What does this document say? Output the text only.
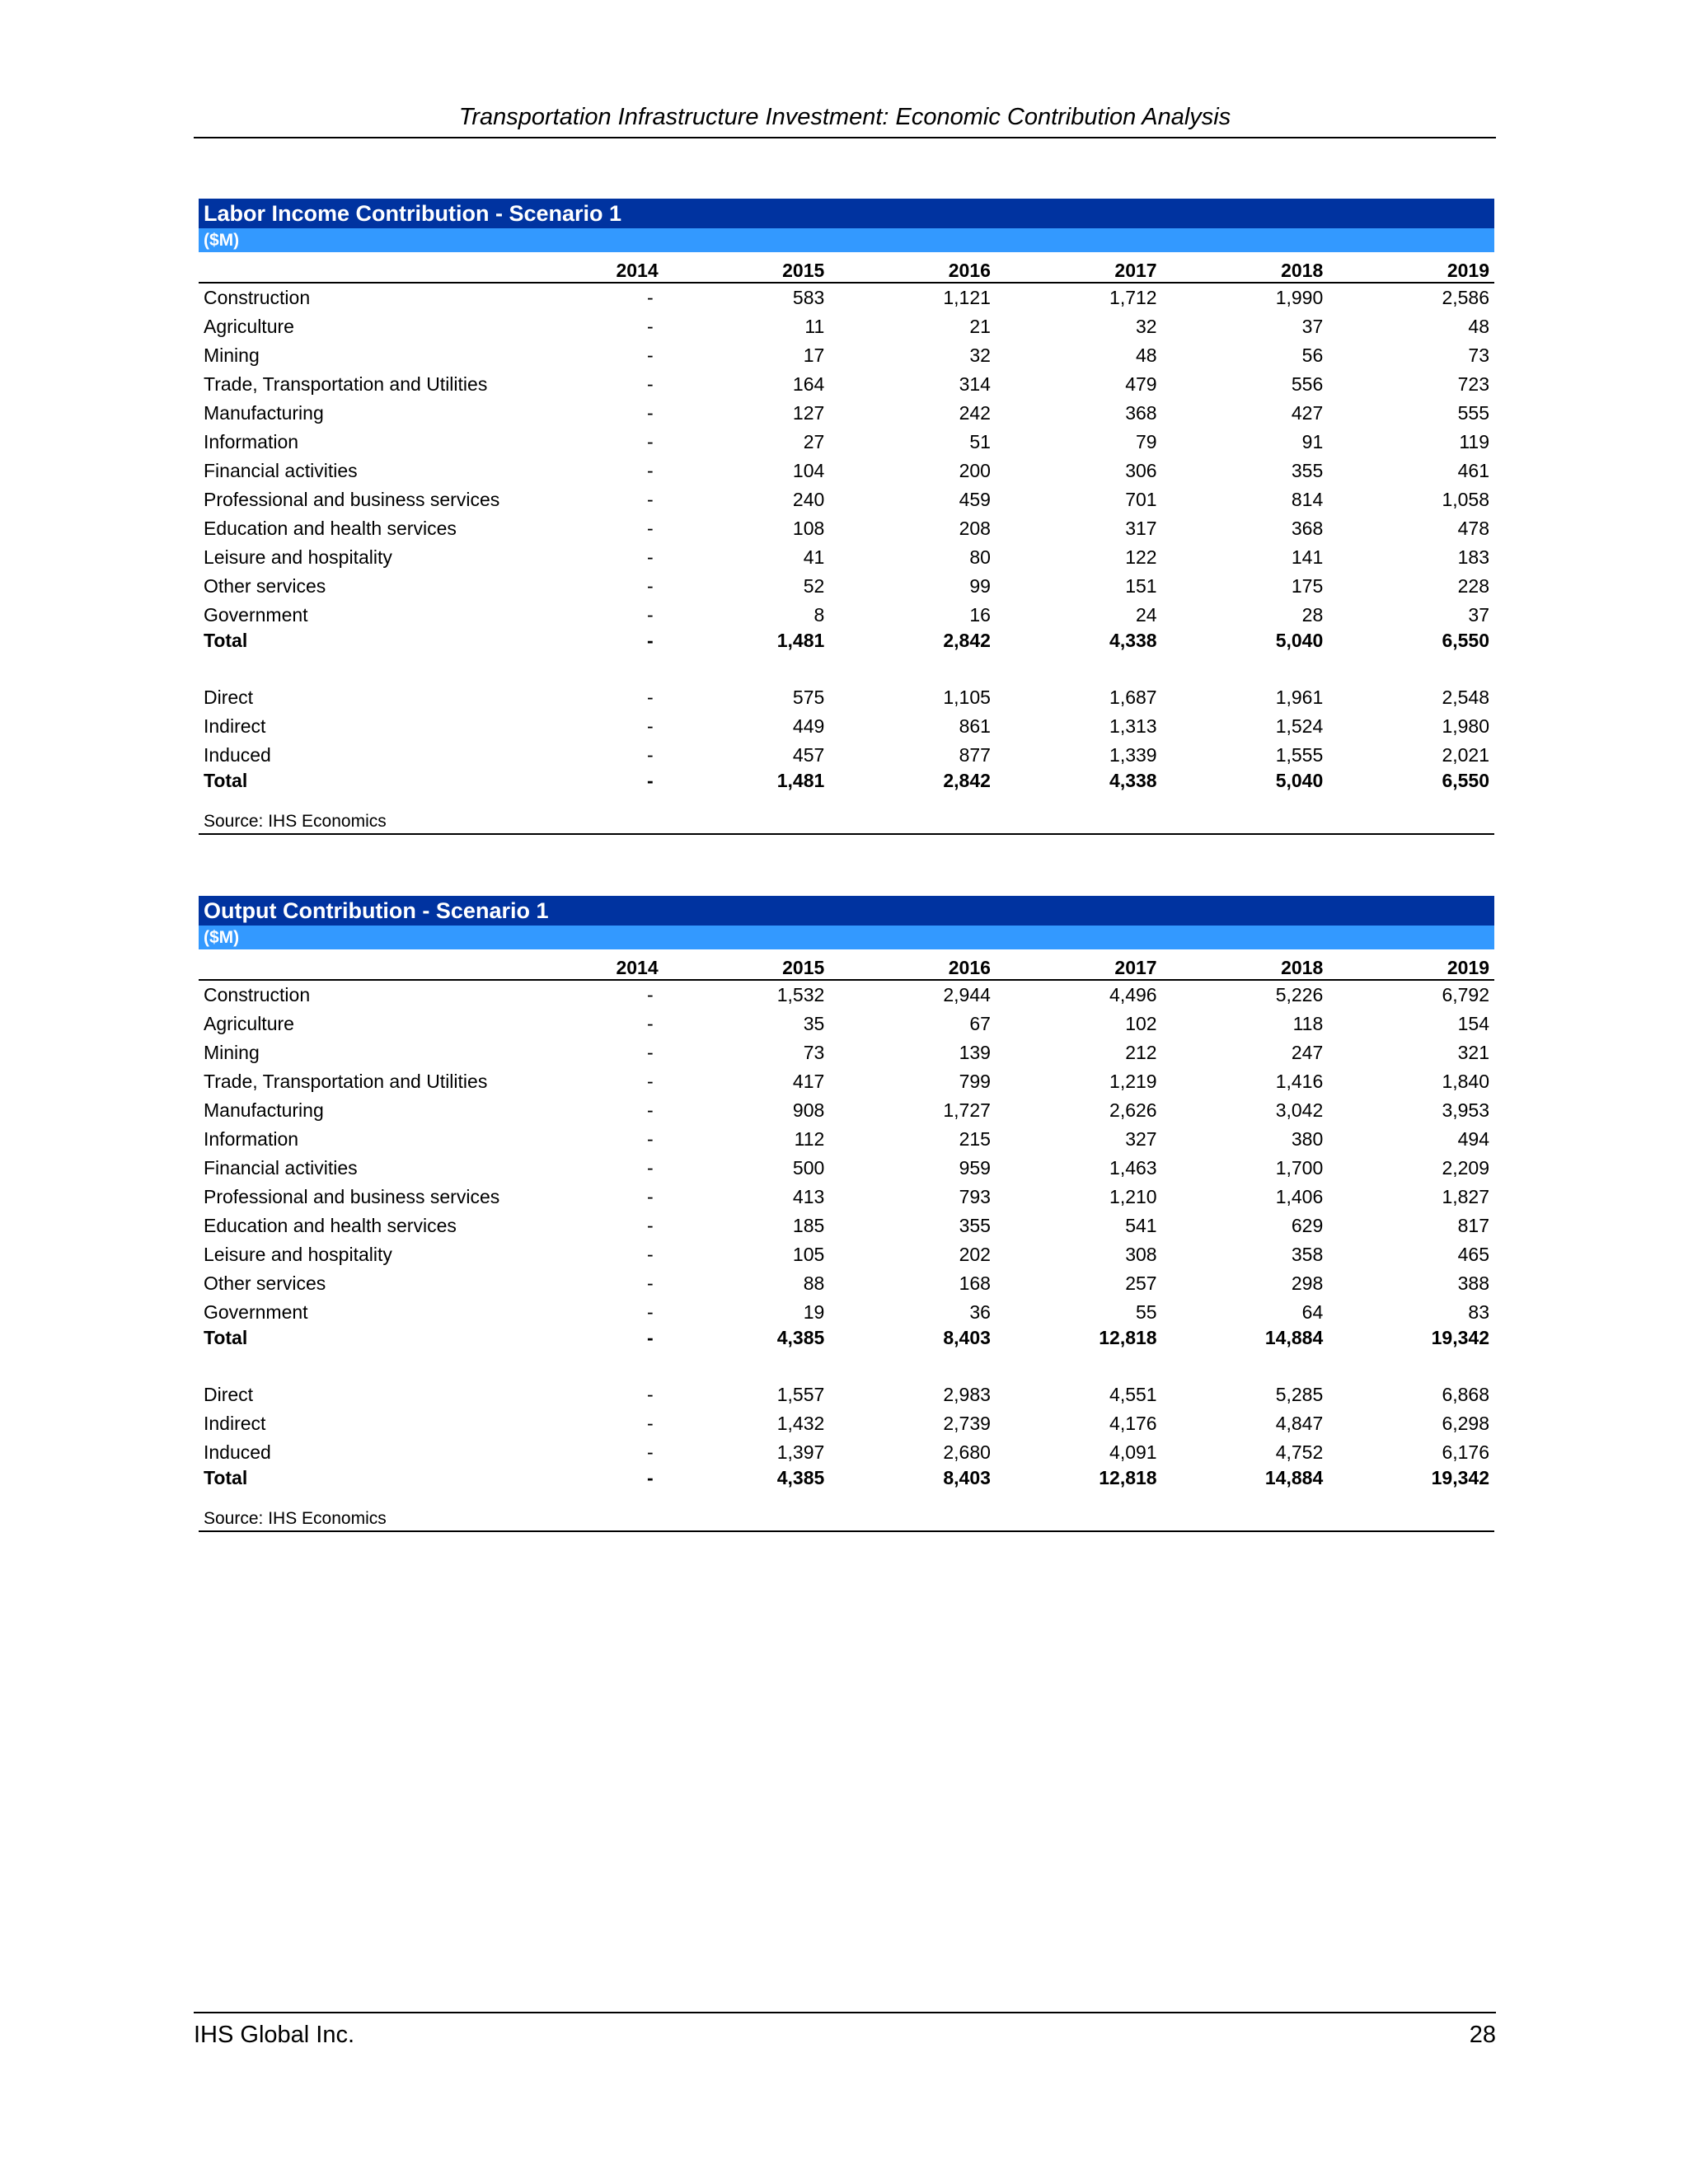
Transportation Infrastructure Investment: Economic Contribution Analysis
Labor Income Contribution - Scenario 1
($M)
	2014	2015	2016	2017	2018	2019
Construction	-	583	1,121	1,712	1,990	2,586
Agriculture	-	11	21	32	37	48
Mining	-	17	32	48	56	73
Trade, Transportation and Utilities	-	164	314	479	556	723
Manufacturing	-	127	242	368	427	555
Information	-	27	51	79	91	119
Financial activities	-	104	200	306	355	461
Professional and business services	-	240	459	701	814	1,058
Education and health services	-	108	208	317	368	478
Leisure and hospitality	-	41	80	122	141	183
Other services	-	52	99	151	175	228
Government	-	8	16	24	28	37
Total	-	1,481	2,842	4,338	5,040	6,550

Direct	-	575	1,105	1,687	1,961	2,548
Indirect	-	449	861	1,313	1,524	1,980
Induced	-	457	877	1,339	1,555	2,021
Total	-	1,481	2,842	4,338	5,040	6,550
Source: IHS Economics						
Output Contribution - Scenario 1
($M)
	2014	2015	2016	2017	2018	2019
Construction	-	1,532	2,944	4,496	5,226	6,792
Agriculture	-	35	67	102	118	154
Mining	-	73	139	212	247	321
Trade, Transportation and Utilities	-	417	799	1,219	1,416	1,840
Manufacturing	-	908	1,727	2,626	3,042	3,953
Information	-	112	215	327	380	494
Financial activities	-	500	959	1,463	1,700	2,209
Professional and business services	-	413	793	1,210	1,406	1,827
Education and health services	-	185	355	541	629	817
Leisure and hospitality	-	105	202	308	358	465
Other services	-	88	168	257	298	388
Government	-	19	36	55	64	83
Total	-	4,385	8,403	12,818	14,884	19,342

Direct	-	1,557	2,983	4,551	5,285	6,868
Indirect	-	1,432	2,739	4,176	4,847	6,298
Induced	-	1,397	2,680	4,091	4,752	6,176
Total	-	4,385	8,403	12,818	14,884	19,342
Source: IHS Economics						
IHS Global Inc.	28
